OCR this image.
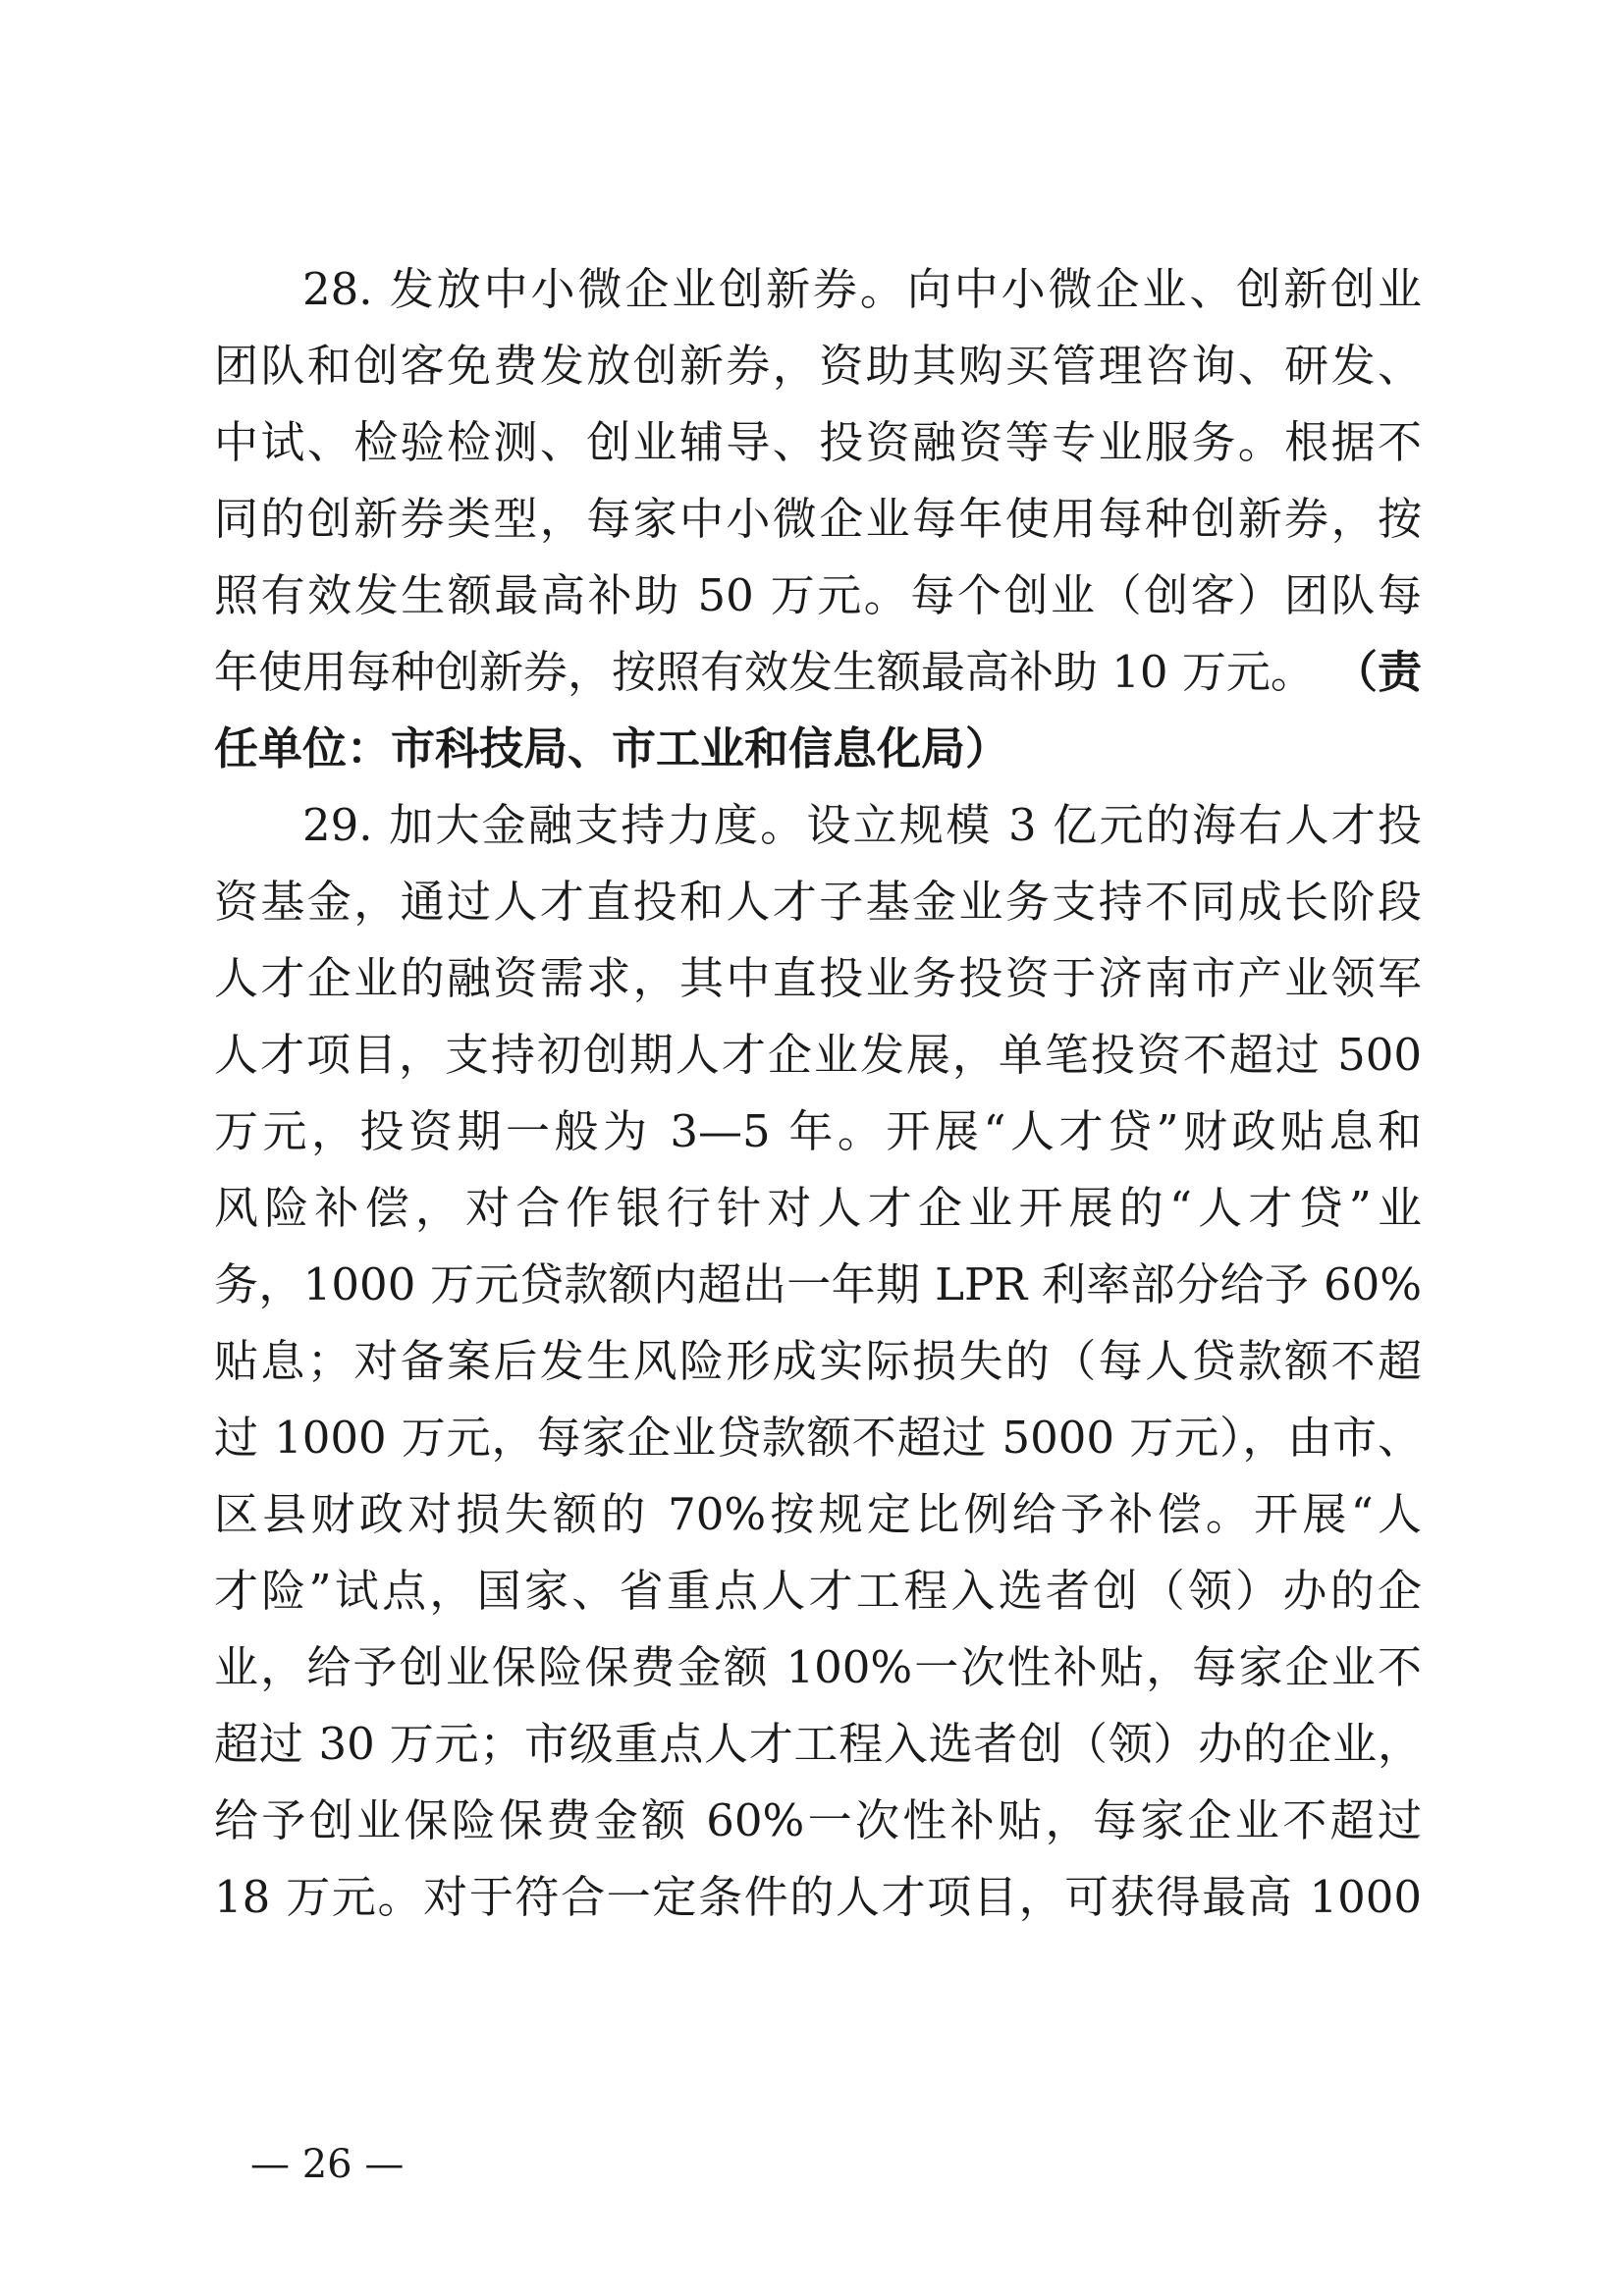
28. 发放中小微企业创新券。向中小微企业、创新创业
团队和创客免费发放创新券，资助其购买管理咨询、研发、
中试、检验检测、创业辅导、投资融资等专业服务。根据不
同的创新券类型，每家中小微企业每年使用每种创新券，按
照有效发生额最高补助 50 万元。每个创业（创客）团队每
年使用每种创新券，按照有效发生额最高补助 10 万元。 （责
任单位：市科技局、市工业和信息化局）
29. 加大金融支持力度。设立规模 3 亿元的海右人才投
资基金，通过人才直投和人才子基金业务支持不同成长阶段
人才企业的融资需求，其中直投业务投资于济南市产业领军
人才项目，支持初创期人才企业发展，单笔投资不超过 500
万元，投资期一般为 3—5 年。开展“人才贷”财政贴息和
风险补偿，对合作银行针对人才企业开展的“人才贷”业
务，1000 万元贷款额内超出一年期 LPR 利率部分给予 60%
贴息；对备案后发生风险形成实际损失的（每人贷款额不超
过 1000 万元，每家企业贷款额不超过 5000 万元），由市、
区县财政对损失额的 70%按规定比例给予补偿。开展“人
才险”试点，国家、省重点人才工程入选者创（领）办的企
业，给予创业保险保费金额 100%一次性补贴，每家企业不
超过 30 万元；市级重点人才工程入选者创（领）办的企业，
给予创业保险保费金额 60%一次性补贴，每家企业不超过
18 万元。对于符合一定条件的人才项目，可获得最高 1000
— 26 —
